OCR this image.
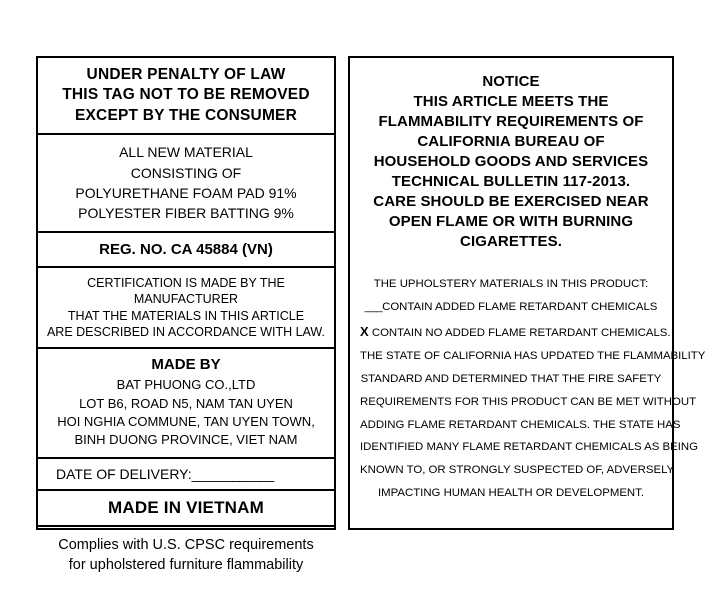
UNDER PENALTY OF LAW
THIS TAG NOT TO BE REMOVED
EXCEPT BY THE CONSUMER
ALL NEW MATERIAL
CONSISTING OF
POLYURETHANE FOAM PAD 91%
POLYESTER FIBER BATTING 9%
REG. NO. CA 45884 (VN)
CERTIFICATION IS MADE BY THE
MANUFACTURER
THAT THE MATERIALS IN THIS ARTICLE
ARE DESCRIBED IN ACCORDANCE WITH LAW.
MADE BY
BAT PHUONG CO.,LTD
LOT B6, ROAD N5, NAM TAN UYEN
HOI NGHIA COMMUNE, TAN UYEN TOWN,
BINH DUONG PROVINCE, VIET NAM
DATE OF DELIVERY:____________
MADE IN VIETNAM
Complies with U.S. CPSC requirements
for upholstered furniture flammability
NOTICE
THIS ARTICLE MEETS THE
FLAMMABILITY REQUIREMENTS OF
CALIFORNIA BUREAU OF
HOUSEHOLD GOODS AND SERVICES
TECHNICAL BULLETIN 117-2013.
CARE SHOULD BE EXERCISED NEAR
OPEN FLAME OR WITH BURNING
CIGARETTES.
THE UPHOLSTERY MATERIALS IN THIS PRODUCT:
___CONTAIN ADDED FLAME RETARDANT CHEMICALS
X CONTAIN NO ADDED FLAME RETARDANT CHEMICALS.
THE STATE OF CALIFORNIA HAS UPDATED THE FLAMMABILITY
STANDARD AND DETERMINED THAT THE FIRE SAFETY
REQUIREMENTS FOR THIS PRODUCT CAN BE MET WITHOUT
ADDING FLAME RETARDANT CHEMICALS. THE STATE HAS
IDENTIFIED MANY FLAME RETARDANT CHEMICALS AS BEING
KNOWN TO, OR STRONGLY SUSPECTED OF, ADVERSELY
IMPACTING HUMAN HEALTH OR DEVELOPMENT.
